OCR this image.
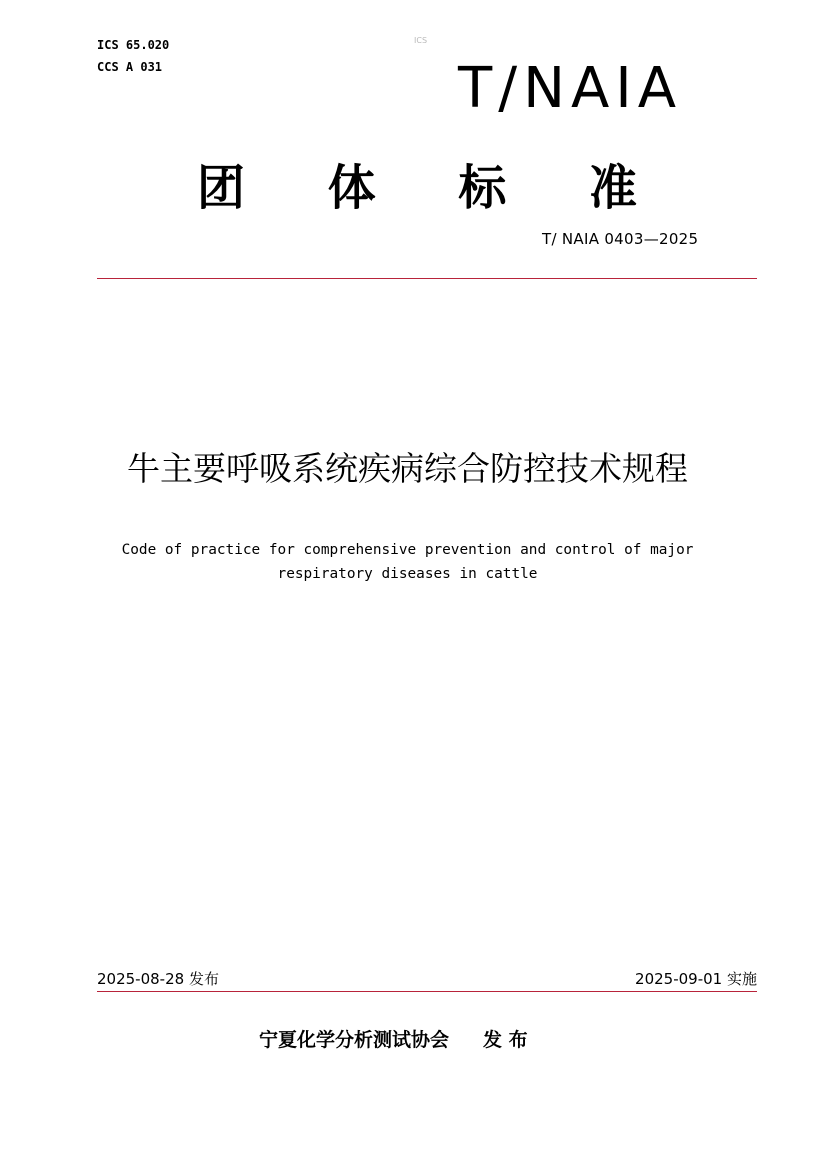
ICS 65.020
CCS A 031
ICS
T/NAIA
团 体 标 准
T/ NAIA 0403—2025
牛主要呼吸系统疾病综合防控技术规程
Code of practice for comprehensive prevention and control of major
respiratory diseases in cattle
2025-08-28 发布	2025-09-01 实施
宁夏化学分析测试协会 发 布
